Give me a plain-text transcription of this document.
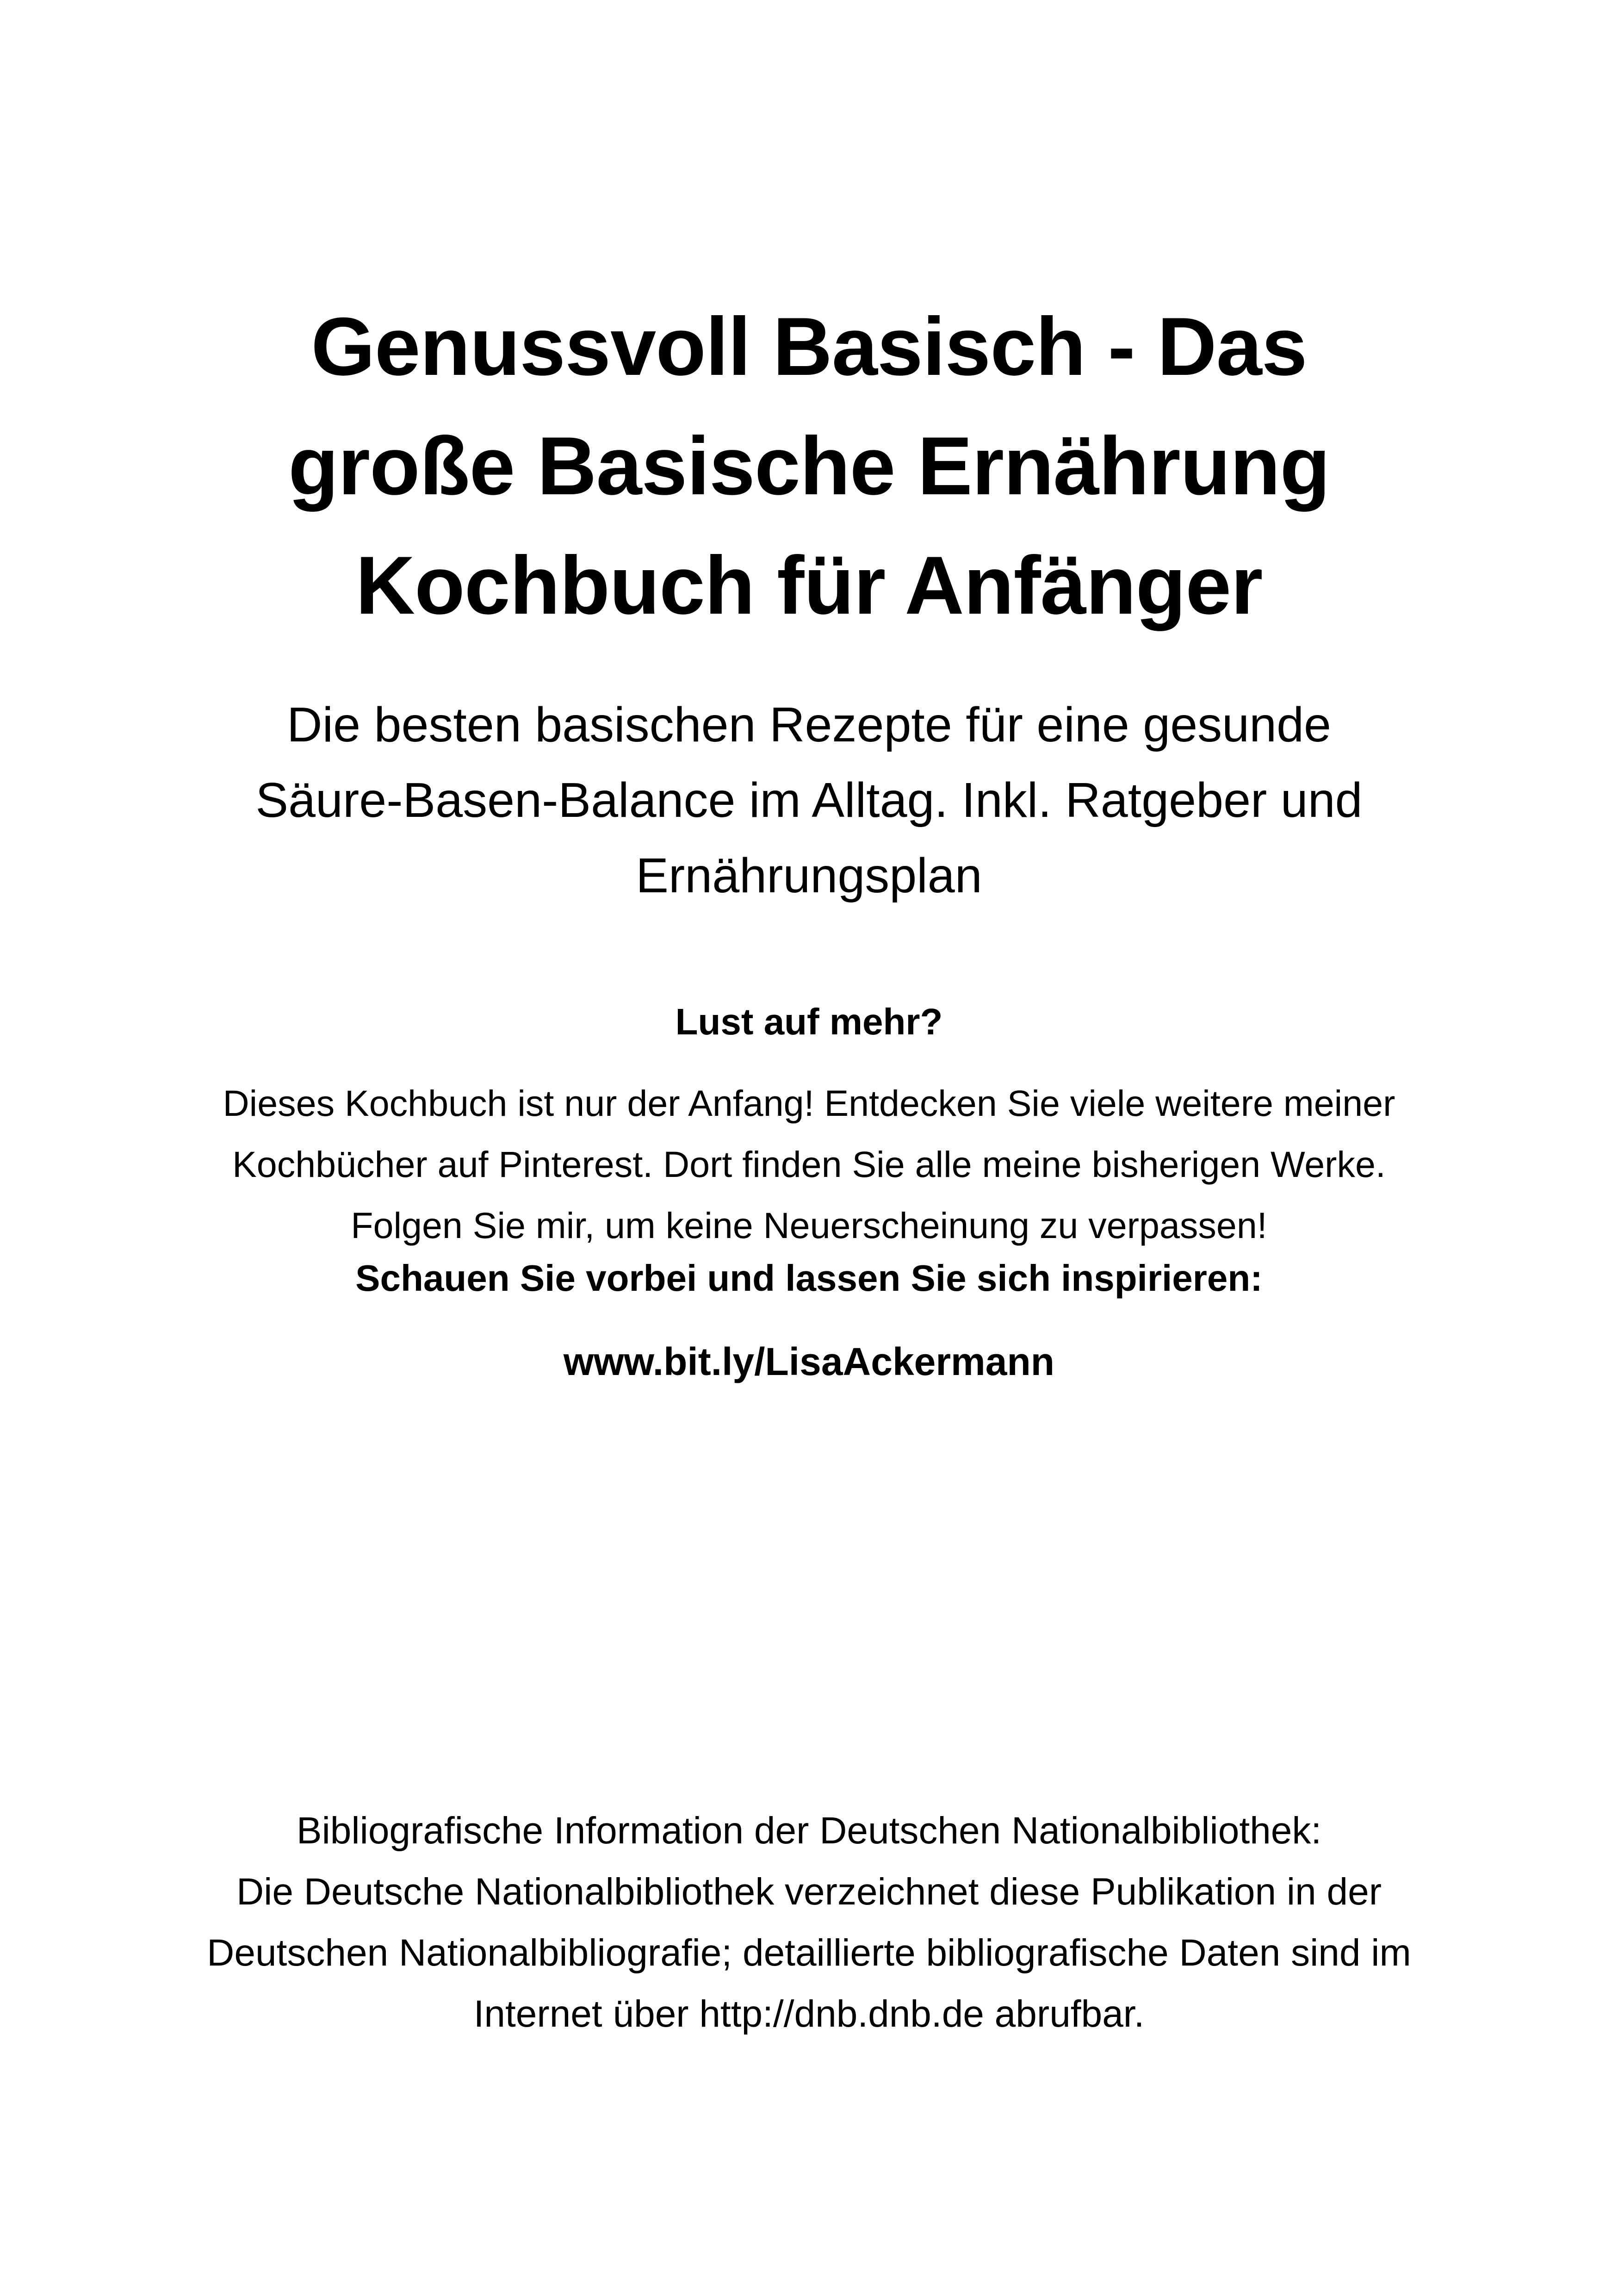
Genussvoll Basisch - Das
große Basische Ernährung
Kochbuch für Anfänger
Die besten basischen Rezepte für eine gesunde
Säure-Basen-Balance im Alltag. Inkl. Ratgeber und
Ernährungsplan
Lust auf mehr?
Dieses Kochbuch ist nur der Anfang! Entdecken Sie viele weitere meiner
Kochbücher auf Pinterest. Dort finden Sie alle meine bisherigen Werke.
Folgen Sie mir, um keine Neuerscheinung zu verpassen!
Schauen Sie vorbei und lassen Sie sich inspirieren:
www.bit.ly/LisaAckermann
Bibliografische Information der Deutschen Nationalbibliothek:
Die Deutsche Nationalbibliothek verzeichnet diese Publikation in der
Deutschen Nationalbibliografie; detaillierte bibliografische Daten sind im
Internet über http://dnb.dnb.de abrufbar.
